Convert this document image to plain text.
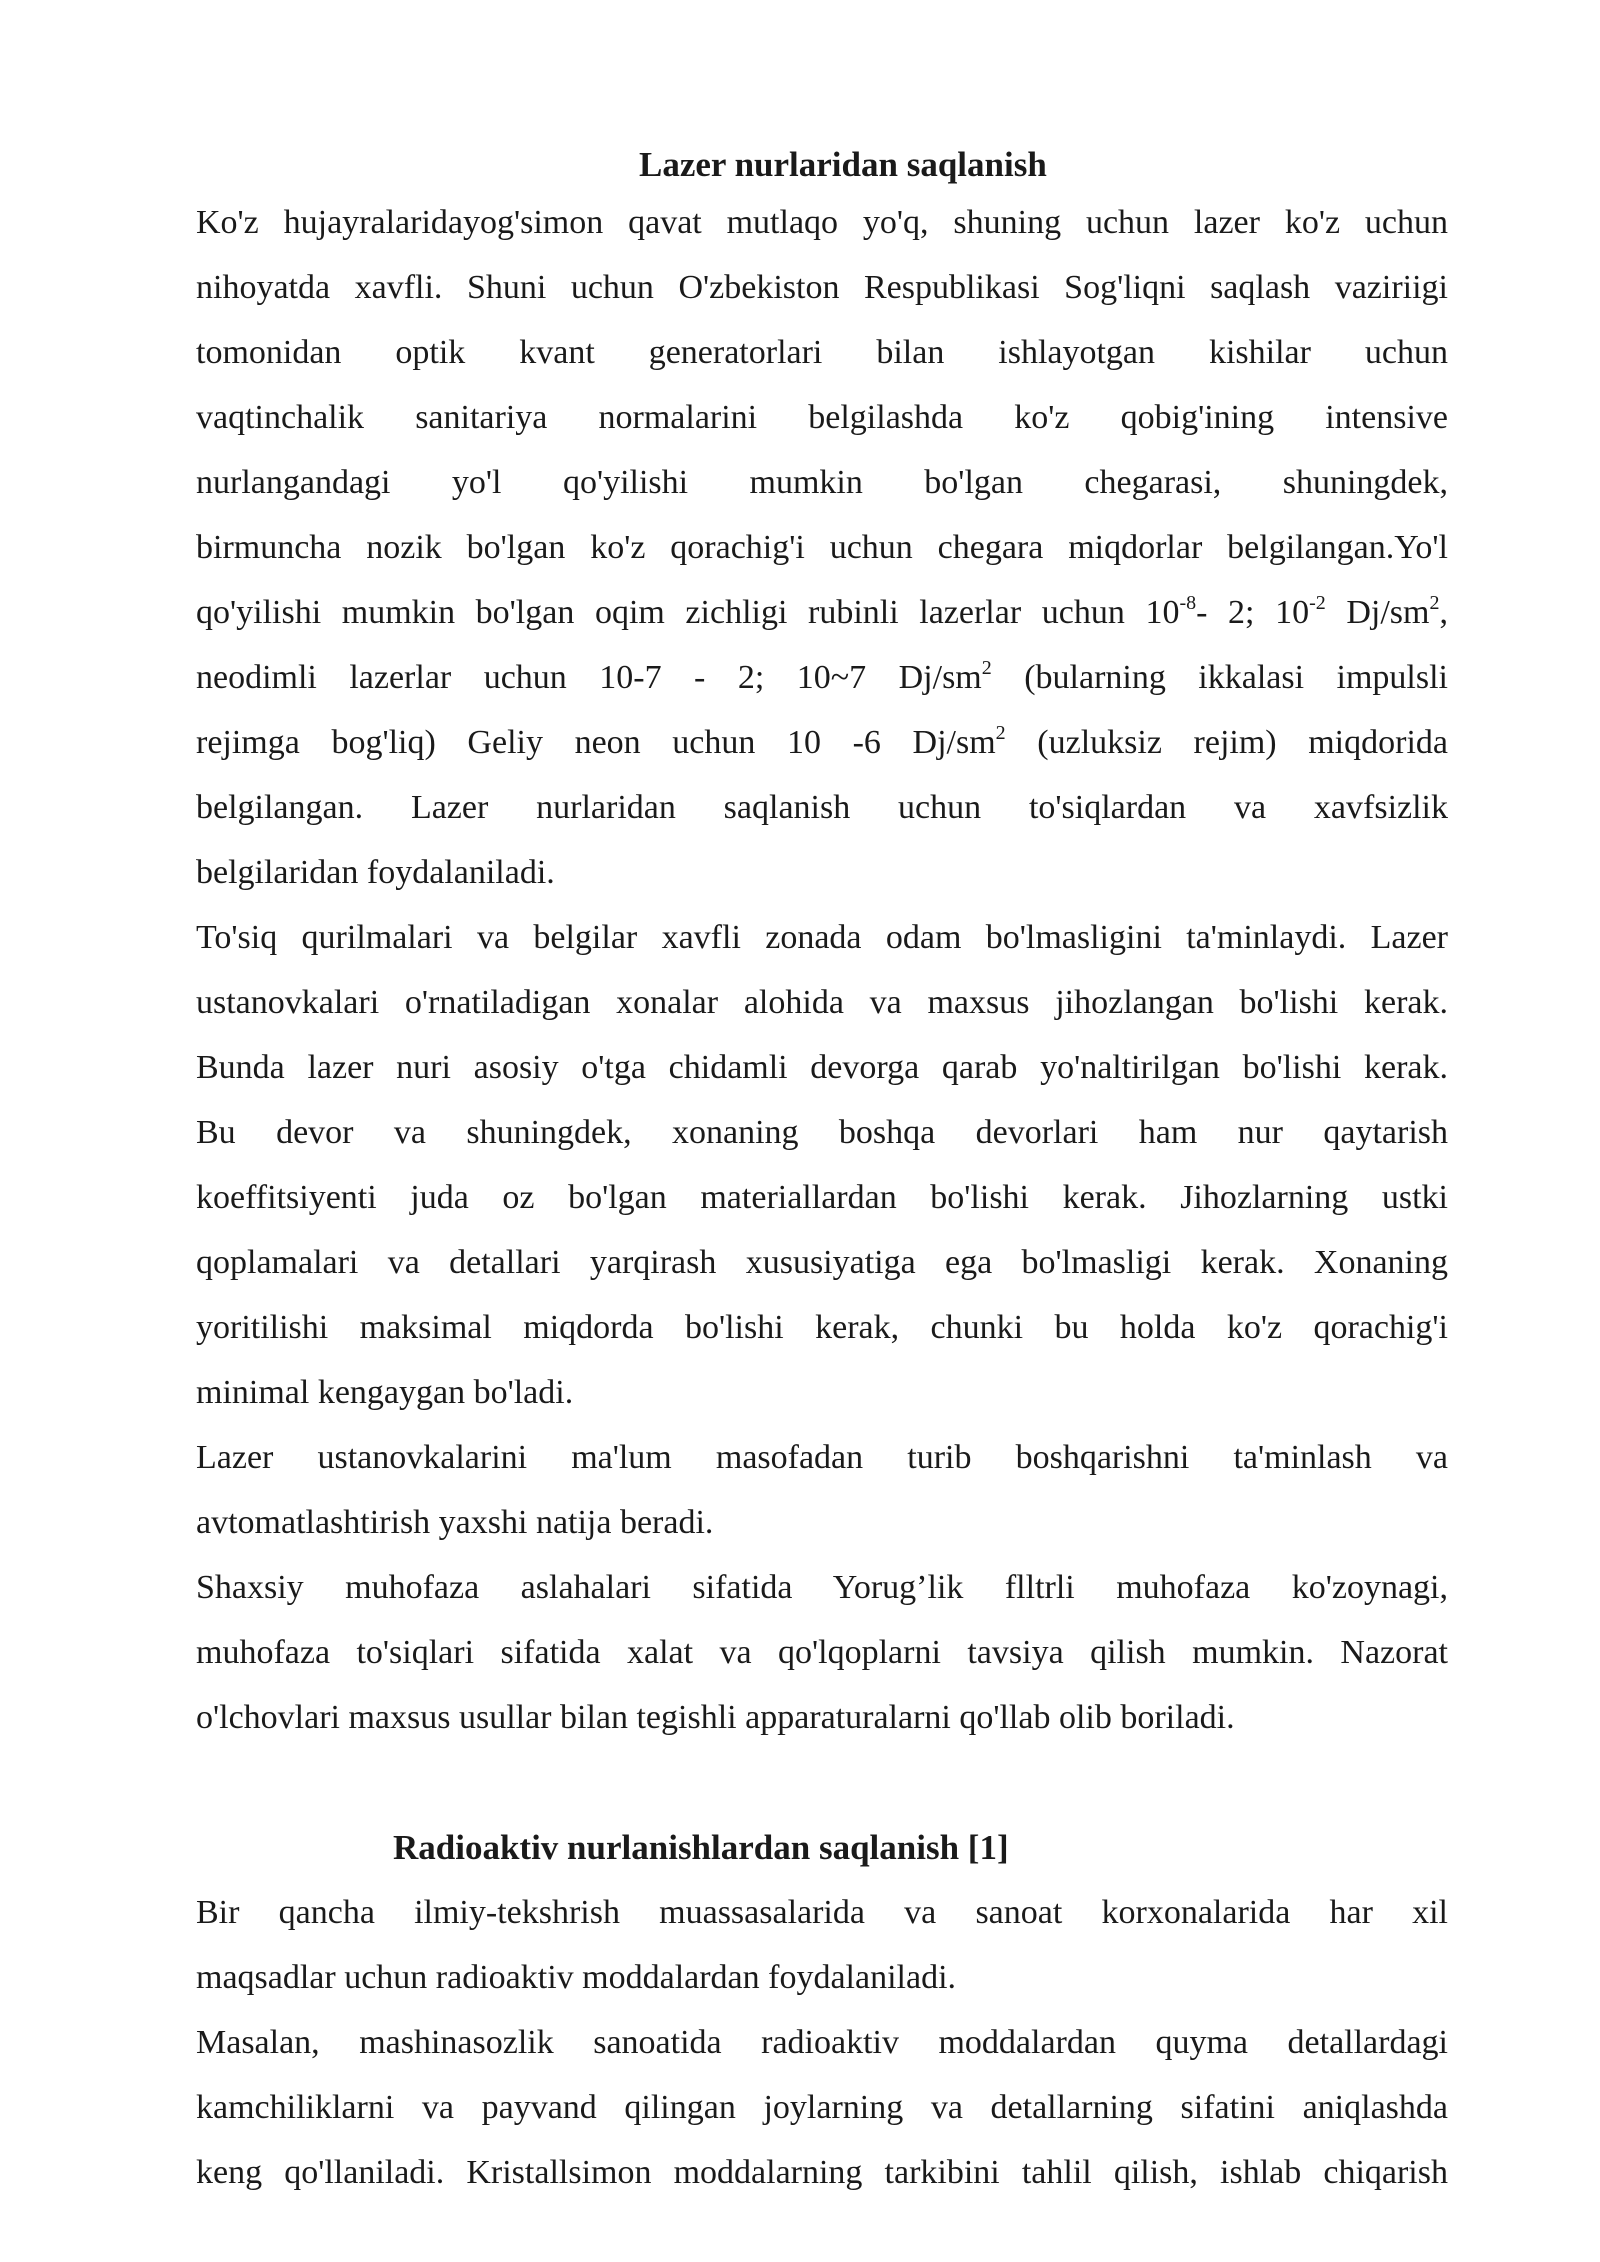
Lazer nurlaridan saqlanish
Ko'z hujayralaridayog'simon qavat mutlaqo yo'q, shuning uchun lazer ko'z uchun
nihoyatda xavfli. Shuni uchun O'zbekiston Respublikasi Sog'liqni saqlash vaziriigi
tomonidan optik kvant generatorlari bilan ishlayotgan kishilar uchun
vaqtinchalik sanitariya normalarini belgilashda ko'z qobig'ining intensive
nurlangandagi yo'l qo'yilishi mumkin bo'lgan chegarasi, shuningdek,
birmuncha nozik bo'lgan ko'z qorachig'i uchun chegara miqdorlar belgilangan.Yo'l
qo'yilishi mumkin bo'lgan oqim zichligi rubinli lazerlar uchun $10^{-8}-$ 2; $10^{-2}$ $Dj/sm^2$,
neodimli lazerlar uchun 10-7 - 2; 10~7 $Dj/sm^2$ (bularning ikkalasi impulsli
rejimga bog'liq) Geliy neon uchun 10 -6 $Dj/sm^2$ (uzluksiz rejim) miqdorida
belgilangan. Lazer nurlaridan saqlanish uchun to'siqlardan va xavfsizlik
belgilaridan foydalaniladi.
To'siq qurilmalari va belgilar xavfli zonada odam bo'lmasligini ta'minlaydi. Lazer
ustanovkalari o'rnatiladigan xonalar alohida va maxsus jihozlangan bo'lishi kerak.
Bunda lazer nuri asosiy o'tga chidamli devorga qarab yo'naltirilgan bo'lishi kerak.
Bu devor va shuningdek, xonaning boshqa devorlari ham nur qaytarish
koeffitsiyenti juda oz bo'lgan materiallardan bo'lishi kerak. Jihozlarning ustki
qoplamalari va detallari yarqirash xususiyatiga ega bo'lmasligi kerak. Xonaning
yoritilishi maksimal miqdorda bo'lishi kerak, chunki bu holda ko'z qorachig'i
minimal kengaygan bo'ladi.
Lazer ustanovkalarini ma'lum masofadan turib boshqarishni ta'minlash va
avtomatlashtirish yaxshi natija beradi.
Shaxsiy muhofaza aslahalari sifatida Yorug’lik flltrli muhofaza ko'zoynagi,
muhofaza to'siqlari sifatida xalat va qo'lqoplarni tavsiya qilish mumkin. Nazorat
o'lchovlari maxsus usullar bilan tegishli apparaturalarni qo'llab olib boriladi.
Radioaktiv nurlanishlardan saqlanish [1]
Bir qancha ilmiy-tekshrish muassasalarida va sanoat korxonalarida har xil
maqsadlar uchun radioaktiv moddalardan foydalaniladi.
Masalan, mashinasozlik sanoatida radioaktiv moddalardan quyma detallardagi
kamchiliklarni va payvand qilingan joylarning va detallarning sifatini aniqlashda
keng qo'llaniladi. Kristallsimon moddalarning tarkibini tahlil qilish, ishlab chiqarish
